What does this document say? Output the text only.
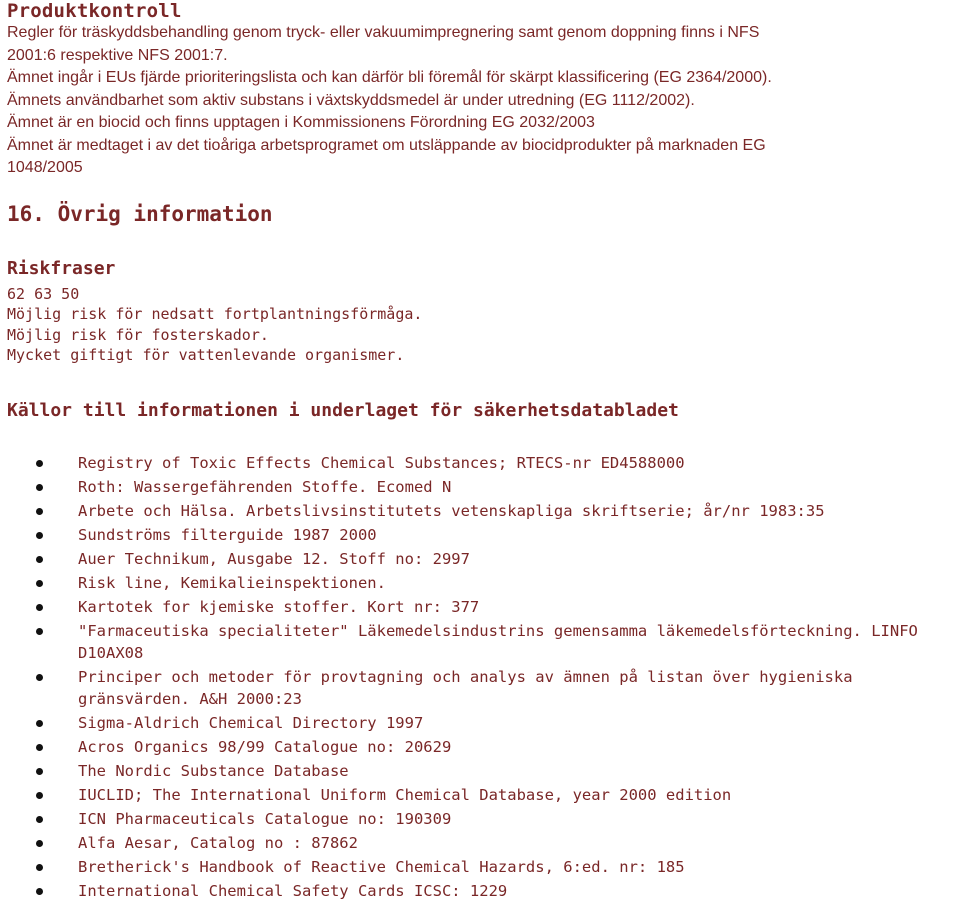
Produktkontroll
Regler för träskyddsbehandling genom tryck- eller vakuumimpregnering samt genom doppning finns i NFS
2001:6 respektive NFS 2001:7.
Ämnet ingår i EUs fjärde prioriteringslista och kan därför bli föremål för skärpt klassificering (EG 2364/2000).
Ämnets användbarhet som aktiv substans i växtskyddsmedel är under utredning (EG 1112/2002).
Ämnet är en biocid och finns upptagen i Kommissionens Förordning EG 2032/2003
Ämnet är medtaget i av det tioåriga arbetsprogramet om utsläppande av biocidprodukter på marknaden EG
1048/2005
16. Övrig information
Riskfraser
62 63 50
Möjlig risk för nedsatt fortplantningsförmåga.
Möjlig risk för fosterskador.
Mycket giftigt för vattenlevande organismer.
Källor till informationen i underlaget för säkerhetsdatabladet
Registry of Toxic Effects Chemical Substances; RTECS-nr ED4588000
Roth: Wassergefährenden Stoffe. Ecomed N
Arbete och Hälsa. Arbetslivsinstitutets vetenskapliga skriftserie; år/nr 1983:35
Sundströms filterguide 1987 2000
Auer Technikum, Ausgabe 12. Stoff no: 2997
Risk line, Kemikalieinspektionen.
Kartotek for kjemiske stoffer. Kort nr: 377
"Farmaceutiska specialiteter" Läkemedelsindustrins gemensamma läkemedelsförteckning. LINFO D10AX08
Principer och metoder för provtagning och analys av ämnen på listan över hygieniska gränsvärden. A&H 2000:23
Sigma-Aldrich Chemical Directory 1997
Acros Organics 98/99 Catalogue no: 20629
The Nordic Substance Database
IUCLID; The International Uniform Chemical Database, year 2000 edition
ICN Pharmaceuticals Catalogue no: 190309
Alfa Aesar, Catalog no : 87862
Bretherick's Handbook of Reactive Chemical Hazards, 6:ed. nr: 185
International Chemical Safety Cards ICSC: 1229
